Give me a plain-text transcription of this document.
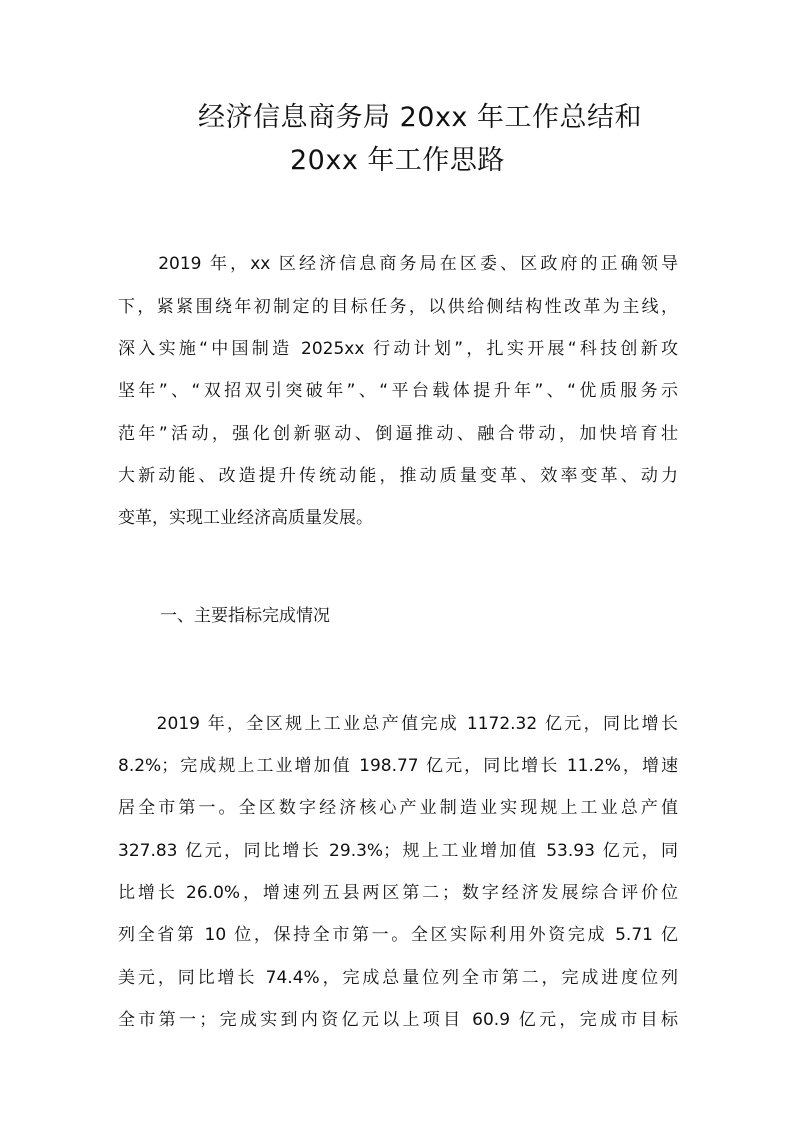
经济信息商务局 20xx 年工作总结和
20xx 年工作思路
　　2019 年，xx 区经济信息商务局在区委、区政府的正确领导
下，紧紧围绕年初制定的目标任务，以供给侧结构性改革为主线，
深入实施“中国制造 2025xx 行动计划”，扎实开展“科技创新攻
坚年”、“双招双引突破年”、“平台载体提升年”、“优质服务示
范年”活动，强化创新驱动、倒逼推动、融合带动，加快培育壮
大新动能、改造提升传统动能，推动质量变革、效率变革、动力
变革，实现工业经济高质量发展。
一、主要指标完成情况
　　2019 年，全区规上工业总产值完成 1172.32 亿元，同比增长
8.2%；完成规上工业增加值 198.77 亿元，同比增长 11.2%，增速
居全市第一。全区数字经济核心产业制造业实现规上工业总产值
327.83 亿元，同比增长 29.3%；规上工业增加值 53.93 亿元，同
比增长 26.0%，增速列五县两区第二；数字经济发展综合评价位
列全省第 10 位，保持全市第一。全区实际利用外资完成 5.71 亿
美元，同比增长 74.4%，完成总量位列全市第二，完成进度位列
全市第一；完成实到内资亿元以上项目 60.9 亿元，完成市目标
